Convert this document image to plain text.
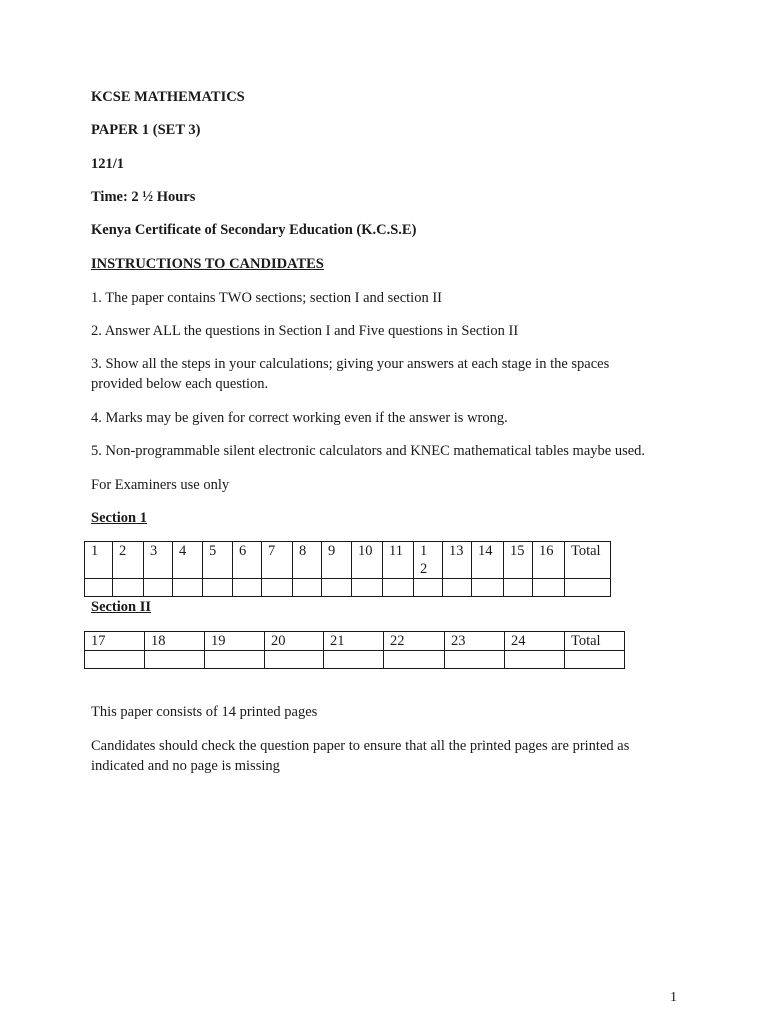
KCSE MATHEMATICS

PAPER 1 (SET 3)

121/1

Time: 2 ½ Hours

Kenya Certificate of Secondary Education (K.C.S.E)

INSTRUCTIONS TO CANDIDATES

1. The paper contains TWO sections; section I and section II

2. Answer ALL the questions in Section I and Five questions in Section II

3. Show all the steps in your calculations; giving your answers at each stage in the spaces provided below each question.

4. Marks may be given for correct working even if the answer is wrong.

5. Non-programmable silent electronic calculators and KNEC mathematical tables maybe used.

For Examiners use only

Section 1

1	2	3	4	5	6	7	8	9	10	11	1 2	13	14	15	16	Total

Section II

17	18	19	20	21	22	23	24	Total

This paper consists of 14 printed pages

Candidates should check the question paper to ensure that all the printed pages are printed as indicated and no page is missing

1
